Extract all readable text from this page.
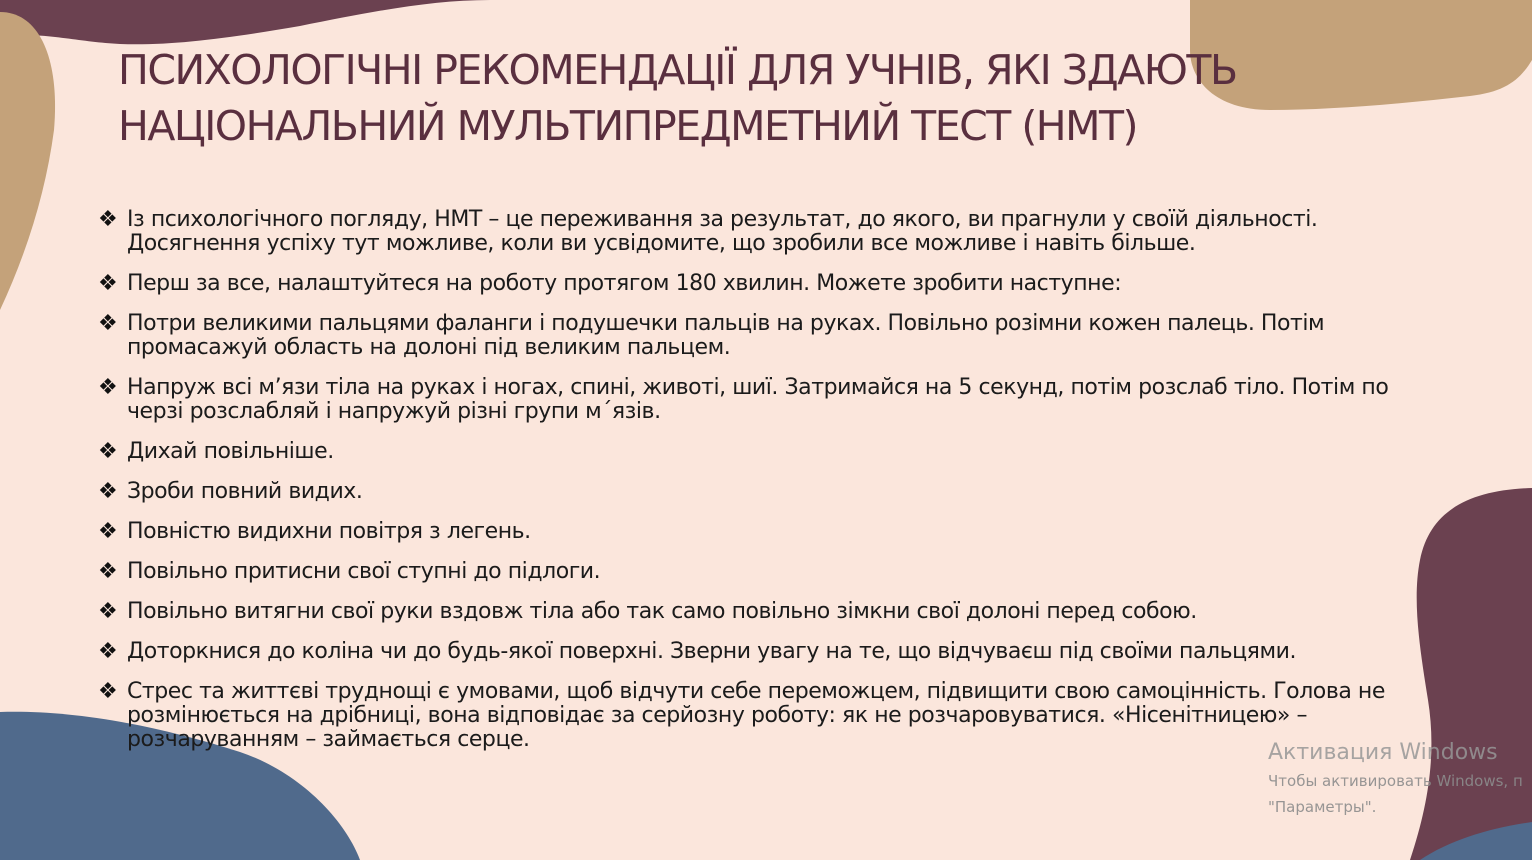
ПСИХОЛОГІЧНІ РЕКОМЕНДАЦІЇ ДЛЯ УЧНІВ, ЯКІ ЗДАЮТЬ
НАЦІОНАЛЬНИЙ МУЛЬТИПРЕДМЕТНИЙ ТЕСТ (НМТ)
❖ Із психологічного погляду, НМТ – це переживання за результат, до якого, ви прагнули у своїй діяльності. Досягнення успіху тут можливе, коли ви усвідомите, що зробили все можливе і навіть більше.
❖ Перш за все, налаштуйтеся на роботу протягом 180 хвилин. Можете зробити наступне:
❖ Потри великими пальцями фаланги і подушечки пальців на руках. Повільно розімни кожен палець. Потім промасажуй область на долоні під великим пальцем.
❖ Напруж всі м’язи тіла на руках і ногах, спині, животі, шиї. Затримайся на 5 секунд, потім розслаб тіло. Потім по черзі розслабляй і напружуй різні групи м΄язів.
❖ Дихай повільніше.
❖ Зроби повний видих.
❖ Повністю видихни повітря з легень.
❖ Повільно притисни свої ступні до підлоги.
❖ Повільно витягни свої руки вздовж тіла або так само повільно зімкни свої долоні перед собою.
❖ Доторкнися до коліна чи до будь-якої поверхні. Зверни увагу на те, що відчуваєш під своїми пальцями.
❖ Стрес та життєві труднощі є умовами, щоб відчути себе переможцем, підвищити свою самоцінність. Голова не розмінюється на дрібниці, вона відповідає за серйозну роботу: як не розчаровуватися. «Нісенітницею» – розчаруванням – займається серце.
Активация Windows
Чтобы активировать Windows, п
"Параметры".
